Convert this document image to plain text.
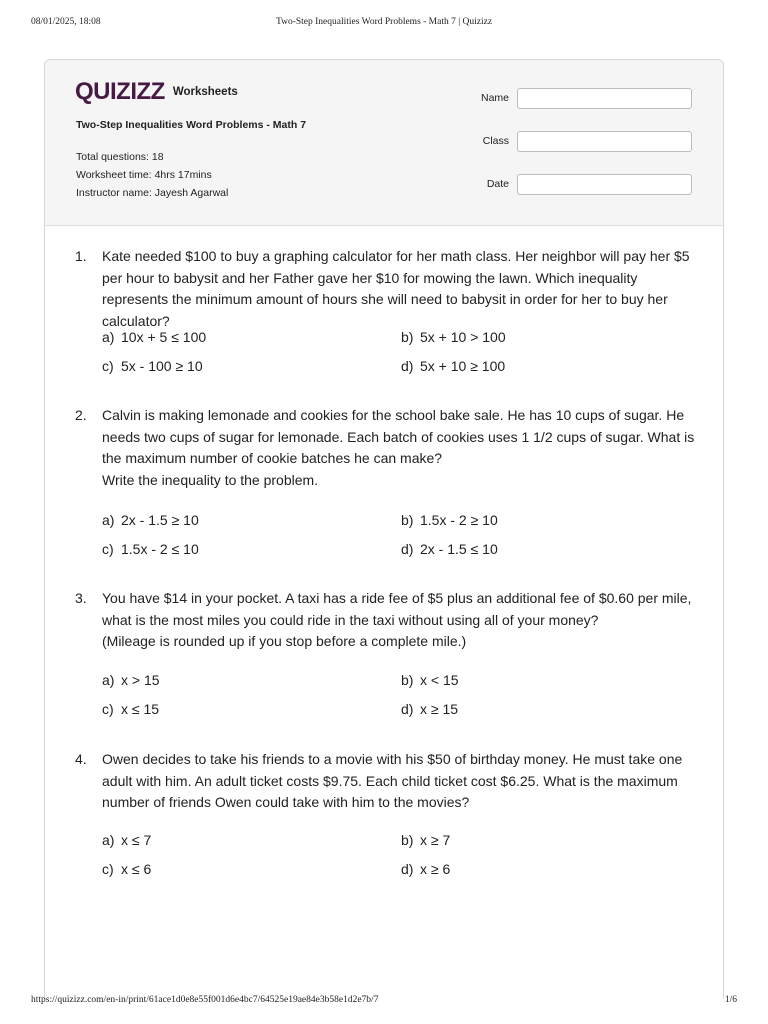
08/01/2025, 18:08	Two-Step Inequalities Word Problems - Math 7 | Quizizz
QUIZIZZ Worksheets
Two-Step Inequalities Word Problems - Math 7
Total questions: 18
Worksheet time: 4hrs 17mins
Instructor name: Jayesh Agarwal
Name
Class
Date
1. Kate needed $100 to buy a graphing calculator for her math class. Her neighbor will pay her $5 per hour to babysit and her Father gave her $10 for mowing the lawn. Which inequality represents the minimum amount of hours she will need to babysit in order for her to buy her calculator?
a) 10x + 5 ≤ 100	b) 5x + 10 > 100
c) 5x - 100 ≥ 10	d) 5x + 10 ≥ 100
2. Calvin is making lemonade and cookies for the school bake sale. He has 10 cups of sugar. He needs two cups of sugar for lemonade. Each batch of cookies uses 1 1/2 cups of sugar. What is the maximum number of cookie batches he can make?
Write the inequality to the problem.
a) 2x - 1.5 ≥ 10	b) 1.5x - 2 ≥ 10
c) 1.5x - 2 ≤ 10	d) 2x - 1.5 ≤ 10
3. You have $14 in your pocket. A taxi has a ride fee of $5 plus an additional fee of $0.60 per mile, what is the most miles you could ride in the taxi without using all of your money?
(Mileage is rounded up if you stop before a complete mile.)
a) x > 15	b) x < 15
c) x ≤ 15	d) x ≥ 15
4. Owen decides to take his friends to a movie with his $50 of birthday money. He must take one adult with him. An adult ticket costs $9.75. Each child ticket cost $6.25. What is the maximum number of friends Owen could take with him to the movies?
a) x ≤ 7	b) x ≥ 7
c) x ≤ 6	d) x ≥ 6
https://quizizz.com/en-in/print/61ace1d0e8e55f001d6e4bc7/64525e19ae84e3b58e1d2e7b/7	1/6
